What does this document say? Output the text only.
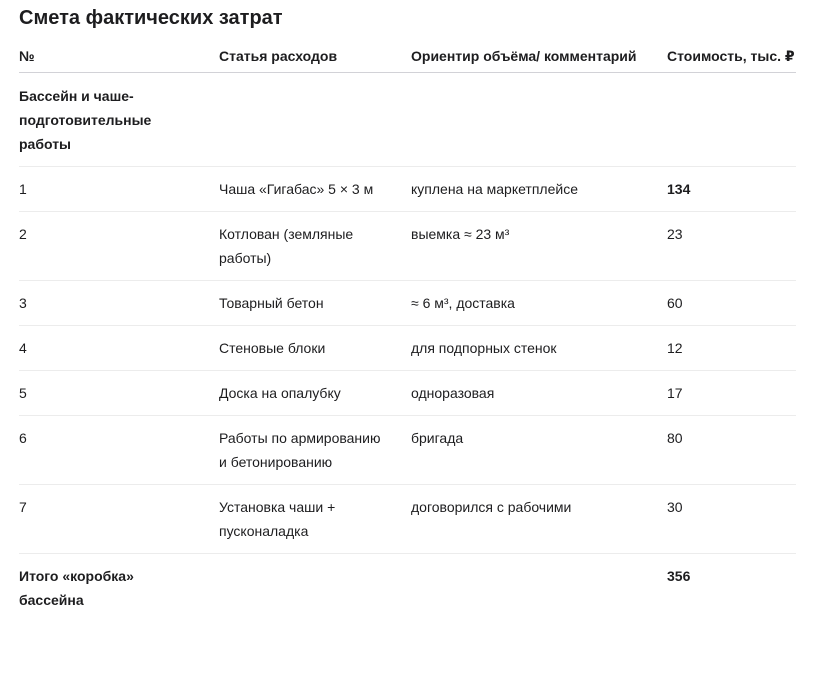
Смета фактических затрат
№	Статья расходов	Ориентир объёма/ комментарий	Стоимость, тыс. ₽
Бассейн и чаше-подготовительные работы			
1	Чаша «Гигабас» 5 × 3 м	куплена на маркетплейсе	134
2	Котлован (земляные работы)	выемка ≈ 23 м³	23
3	Товарный бетон	≈ 6 м³, доставка	60
4	Стеновые блоки	для подпорных стенок	12
5	Доска на опалубку	одноразовая	17
6	Работы по армированию и бетонированию	бригада	80
7	Установка чаши + пусконаладка	договорился с рабочими	30
Итого «коробка» бассейна			356
